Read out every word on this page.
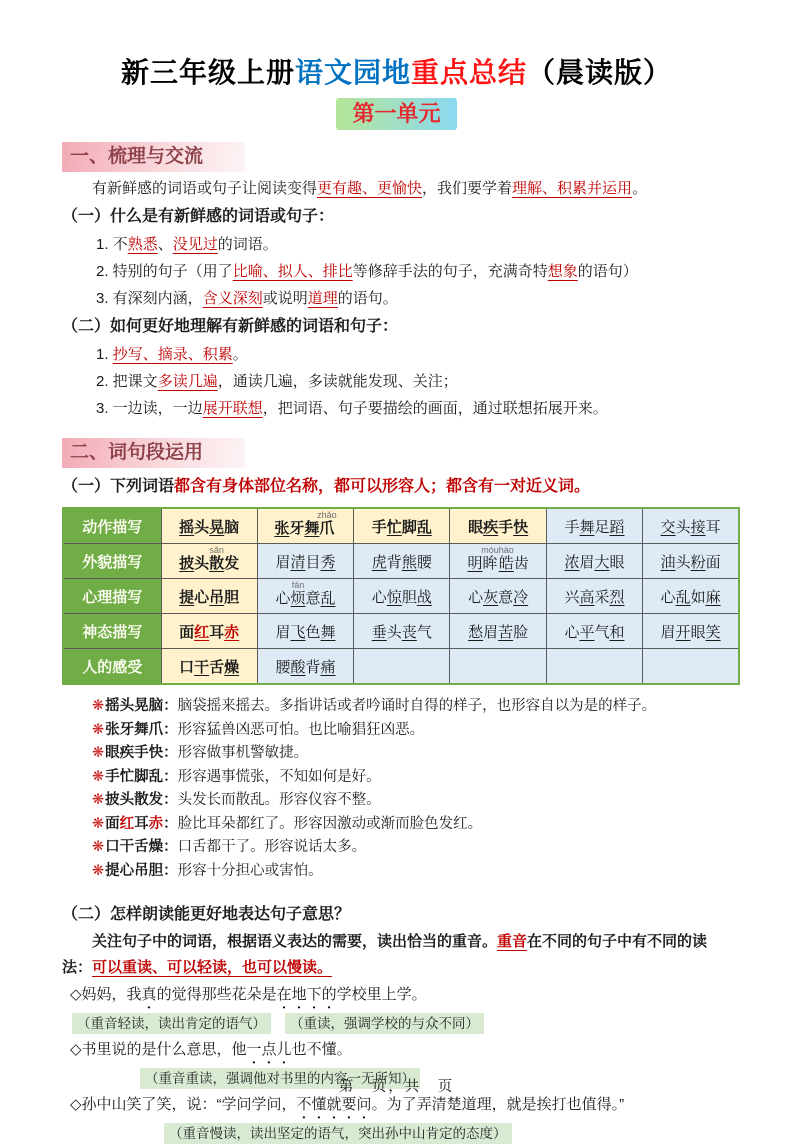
新三年级上册语文园地重点总结（晨读版）
第一单元
一、梳理与交流

有新鲜感的词语或句子让阅读变得更有趣、更愉快，我们要学着理解、积累并运用。

（一）什么是有新鲜感的词语或句子：
1. 不熟悉、没见过的词语。
2. 特别的句子（用了比喻、拟人、排比等修辞手法的句子，充满奇特想象的语句）
3. 有深刻内涵，含义深刻或说明道理的语句。
（二）如何更好地理解有新鲜感的词语和句子：
1. 抄写、摘录、积累。
2. 把课文多读几遍，通读几遍，多读就能发现、关注；
3. 一边读，一边展开联想，把词语、句子要描绘的画面，通过联想拓展开来。
二、词句段运用
（一）下列词语都含有身体部位名称，都可以形容人；都含有一对近义词。
动作描写	摇头晃脑	张牙舞爪zhǎo	手忙脚乱	眼疾手快	手舞足蹈	交头接耳
外貌描写	披头散sǎn发	眉清目秀	虎背熊腰	明眸móu皓hào齿	浓眉大眼	油头粉面
心理描写	提心吊胆	心烦fán意乱	心惊胆战	心灰意冷	兴高采烈	心乱如麻
神态描写	面红耳赤	眉飞色舞	垂头丧气	愁眉苦脸	心平气和	眉开眼笑
人的感受	口干舌燥	腰酸背痛				
❋摇头晃脑：脑袋摇来摇去。多指讲话或者吟诵时自得的样子，也形容自以为是的样子。
❋张牙舞爪：形容猛兽凶恶可怕。也比喻猖狂凶恶。
❋眼疾手快：形容做事机警敏捷。
❋手忙脚乱：形容遇事慌张，不知如何是好。
❋披头散发：头发长而散乱。形容仪容不整。
❋面红耳赤：脸比耳朵都红了。形容因激动或渐而脸色发红。
❋口干舌燥：口舌都干了。形容说话太多。
❋提心吊胆：形容十分担心或害怕。
（二）怎样朗读能更好地表达句子意思？

关注句子中的词语，根据语义表达的需要，读出恰当的重音。重音在不同的句子中有不同的读法：可以重读、可以轻读，也可以慢读。

◇妈妈，我真的觉得那些花朵是在地下的学校里上学。

（重音轻读，读出肯定的语气） （重读，强调学校的与众不同）

◇书里说的是什么意思，他一点儿也不懂。

（重音重读，强调他对书里的内容一无所知）

◇孙中山笑了笑，说：“学问学问，不懂就要问。为了弄清楚道理，就是挨打也值得。”

（重音慢读，读出坚定的语气，突出孙中山肯定的态度）
第　页，共　页
